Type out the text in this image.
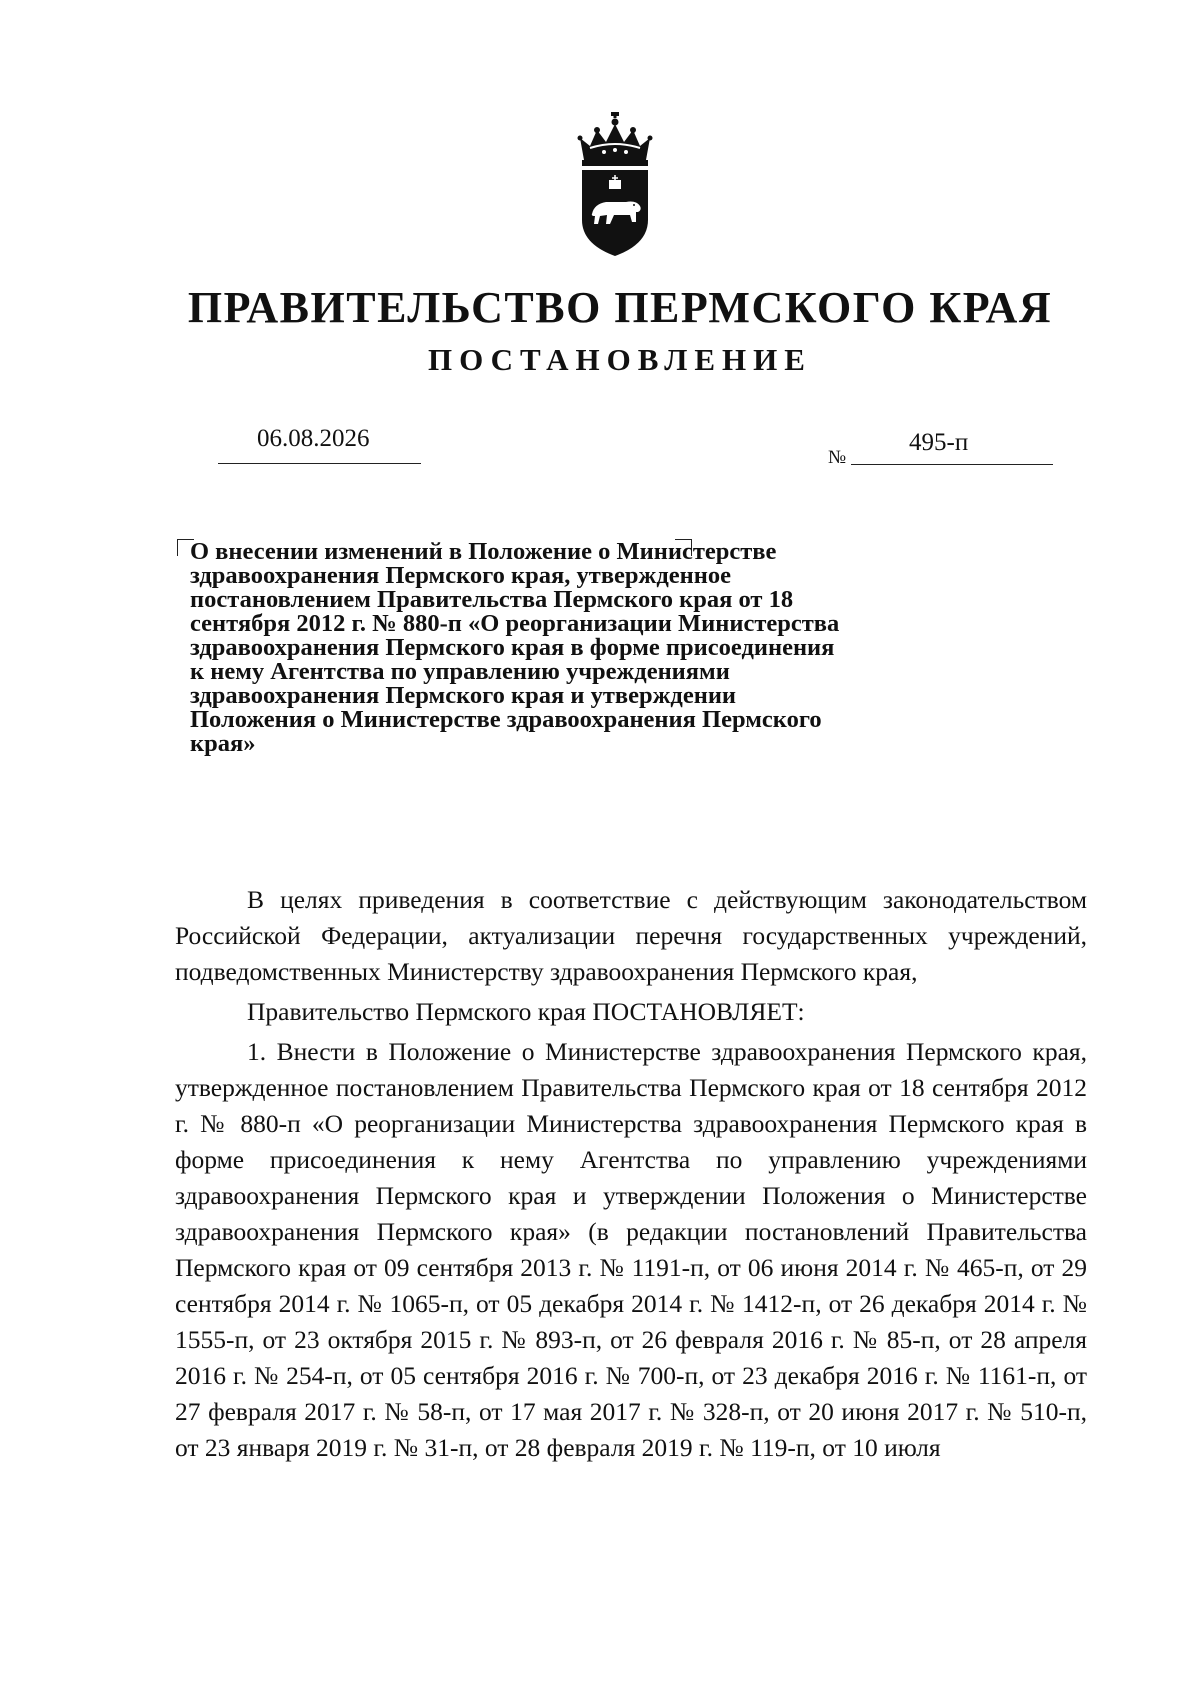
ПРАВИТЕЛЬСТВО ПЕРМСКОГО КРАЯ
ПОСТАНОВЛЕНИЕ
06.08.2026
№
495-п
О внесении изменений в Положение о Министерстве здравоохранения Пермского края, утвержденное постановлением Правительства Пермского края от 18 сентября 2012 г. № 880-п «О реорганизации Министерства здравоохранения Пермского края в форме присоединения к нему Агентства по управлению учреждениями здравоохранения Пермского края и утверждении Положения о Министерстве здравоохранения Пермского края»

В целях приведения в соответствие с действующим законодательством Российской Федерации, актуализации перечня государственных учреждений, подведомственных Министерству здравоохранения Пермского края,

Правительство Пермского края ПОСТАНОВЛЯЕТ:

1. Внести в Положение о Министерстве здравоохранения Пермского края, утвержденное постановлением Правительства Пермского края от 18 сентября 2012 г. № 880-п «О реорганизации Министерства здравоохранения Пермского края в форме присоединения к нему Агентства по управлению учреждениями здравоохранения Пермского края и утверждении Положения о Министерстве здравоохранения Пермского края» (в редакции постановлений Правительства Пермского края от 09 сентября 2013 г. № 1191-п, от 06 июня 2014 г. № 465-п, от 29 сентября 2014 г. № 1065-п, от 05 декабря 2014 г. № 1412-п, от 26 декабря 2014 г. № 1555-п, от 23 октября 2015 г. № 893-п, от 26 февраля 2016 г. № 85-п, от 28 апреля 2016 г. № 254-п, от 05 сентября 2016 г. № 700-п, от 23 декабря 2016 г. № 1161-п, от 27 февраля 2017 г. № 58-п, от 17 мая 2017 г. № 328-п, от 20 июня 2017 г. № 510-п, от 23 января 2019 г. № 31-п, от 28 февраля 2019 г. № 119-п, от 10 июля
